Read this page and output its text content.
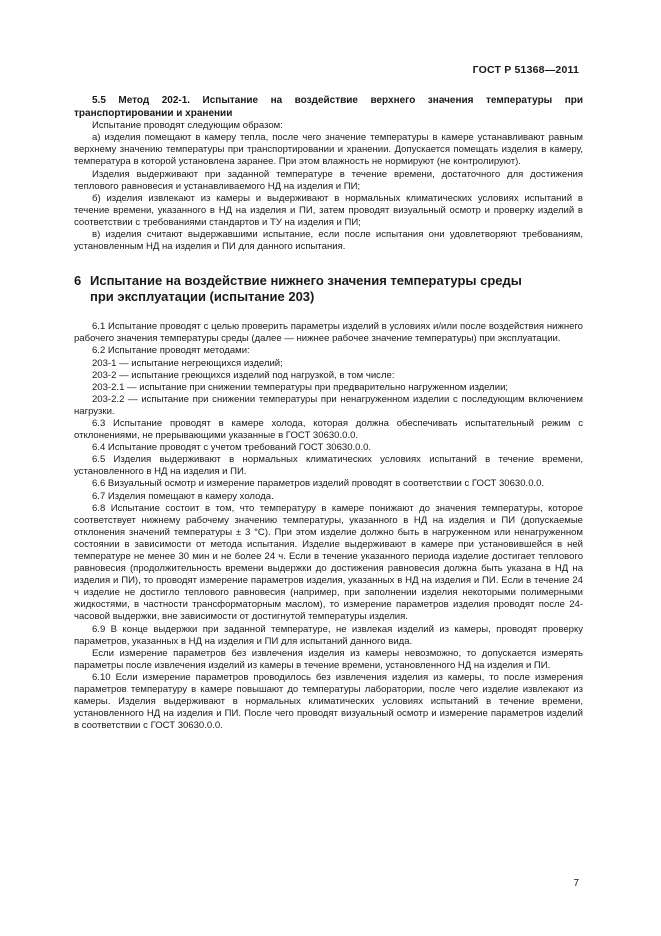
ГОСТ Р 51368—2011

5.5 Метод 202-1. Испытание на воздействие верхнего значения температуры при транспортировании и хранении

Испытание проводят следующим образом:

а) изделия помещают в камеру тепла, после чего значение температуры в камере устанавливают равным верхнему значению температуры при транспортировании и хранении. Допускается помещать изделия в камеру, температура в которой установлена заранее. При этом влажность не нормируют (не контролируют).

Изделия выдерживают при заданной температуре в течение времени, достаточного для достижения теплового равновесия и устанавливаемого НД на изделия и ПИ;

б) изделия извлекают из камеры и выдерживают в нормальных климатических условиях испытаний в течение времени, указанного в НД на изделия и ПИ, затем проводят визуальный осмотр и проверку изделий в соответствии с требованиями стандартов и ТУ на изделия и ПИ;

в) изделия считают выдержавшими испытание, если после испытания они удовлетворяют требованиям, установленным НД на изделия и ПИ для данного испытания.

6 Испытание на воздействие нижнего значения температуры среды
при эксплуатации (испытание 203)

6.1 Испытание проводят с целью проверить параметры изделий в условиях и/или после воздействия нижнего рабочего значения температуры среды (далее — нижнее рабочее значение температуры) при эксплуатации.

6.2 Испытание проводят методами:

203-1 — испытание негреющихся изделий;

203-2 — испытание греющихся изделий под нагрузкой, в том числе:

203-2.1 — испытание при снижении температуры при предварительно нагруженном изделии;

203-2.2 — испытание при снижении температуры при ненагруженном изделии с последующим включением нагрузки.

6.3 Испытание проводят в камере холода, которая должна обеспечивать испытательный режим с отклонениями, не прерывающими указанные в ГОСТ 30630.0.0.

6.4 Испытание проводят с учетом требований ГОСТ 30630.0.0.

6.5 Изделия выдерживают в нормальных климатических условиях испытаний в течение времени, установленного в НД на изделия и ПИ.

6.6 Визуальный осмотр и измерение параметров изделий проводят в соответствии с ГОСТ 30630.0.0.

6.7 Изделия помещают в камеру холода.

6.8 Испытание состоит в том, что температуру в камере понижают до значения температуры, которое соответствует нижнему рабочему значению температуры, указанного в НД на изделия и ПИ (допускаемые отклонения значений температуры ± 3 °С). При этом изделие должно быть в нагруженном или ненагруженном состоянии в зависимости от метода испытания. Изделие выдерживают в камере при установившейся в ней температуре не менее 30 мин и не более 24 ч. Если в течение указанного периода изделие достигает теплового равновесия (продолжительность времени выдержки до достижения равновесия должна быть указана в НД на изделия и ПИ), то проводят измерение параметров изделия, указанных в НД на изделия и ПИ. Если в течение 24 ч изделие не достигло теплового равновесия (например, при заполнении изделия некоторыми полимерными жидкостями, в частности трансформаторным маслом), то измерение параметров изделия проводят после 24-часовой выдержки, вне зависимости от достигнутой температуры изделия.

6.9 В конце выдержки при заданной температуре, не извлекая изделий из камеры, проводят проверку параметров, указанных в НД на изделия и ПИ для испытаний данного вида.

Если измерение параметров без извлечения изделия из камеры невозможно, то допускается измерять параметры после извлечения изделий из камеры в течение времени, установленного НД на изделия и ПИ.

6.10 Если измерение параметров проводилось без извлечения изделия из камеры, то после измерения параметров температуру в камере повышают до температуры лаборатории, после чего изделие извлекают из камеры. Изделия выдерживают в нормальных климатических условиях испытаний в течение времени, установленного НД на изделия и ПИ. После чего проводят визуальный осмотр и измерение параметров изделий в соответствии с ГОСТ 30630.0.0.

7
